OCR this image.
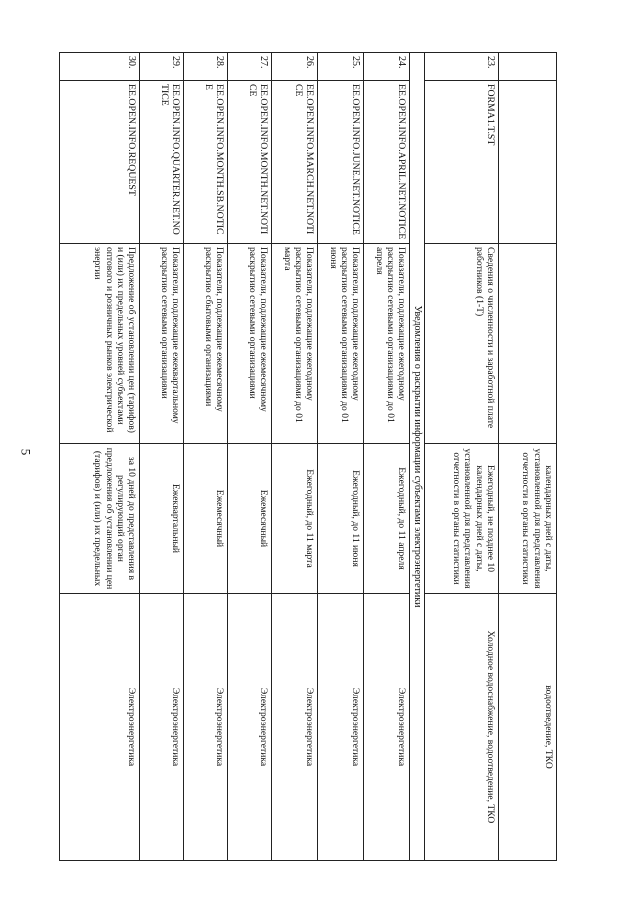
5
			календарных дней с даты, установленной для представления отчетности в органы статистики	водоотведение, ТКО
23.	FORMA1.T.ST	Сведения о численности и заработной плате работников (1-Т)	Ежегодный, не позднее 10 календарных дней с даты, установленной для представления отчетности в органы статистики	Холодное водоснабжение, водоотведение, ТКО
Уведомления о раскрытии информации субъектами электроэнергетики				
24.	EE.OPEN.INFO.APRIL.NET.NOTICE	Показатели, подлежащие ежегодному раскрытию сетевыми организациями до 01 апреля	Ежегодный, до 11 апреля	Электроэнергетика
25.	EE.OPEN.INFO.JUNE.NET.NOTICE	Показатели, подлежащие ежегодному раскрытию сетевыми организациями до 01 июня	Ежегодный, до 11 июня	Электроэнергетика
26.	EE.OPEN.INFO.MARCH.NET.NOTICE	Показатели, подлежащие ежегодному раскрытию сетевыми организациями до 01 марта	Ежегодный, до 11 марта	Электроэнергетика
27.	EE.OPEN.INFO.MONTH.NET.NOTICE	Показатели, подлежащие ежемесячному раскрытию сетевыми организациями	Ежемесячный	Электроэнергетика
28.	EE.OPEN.INFO.MONTH.SB.NOTICE	Показатели, подлежащие ежемесячному раскрытию сбытовыми организациями	Ежемесячный	Электроэнергетика
29.	EE.OPEN.INFO.QUARTER.NET.NOTICE	Показатели, подлежащие ежеквартальному раскрытию сетевыми организациями	Ежеквартальный	Электроэнергетика
30.	EE.OPEN.INFO.REQUEST	Предложение об установлении цен (тарифов) и (или) их предельных уровней субъектами оптового и розничных рынков электрической энергии	за 10 дней до представления в регулирующий орган предложения об установлении цен (тарифов) и (или) их предельных	Электроэнергетика
